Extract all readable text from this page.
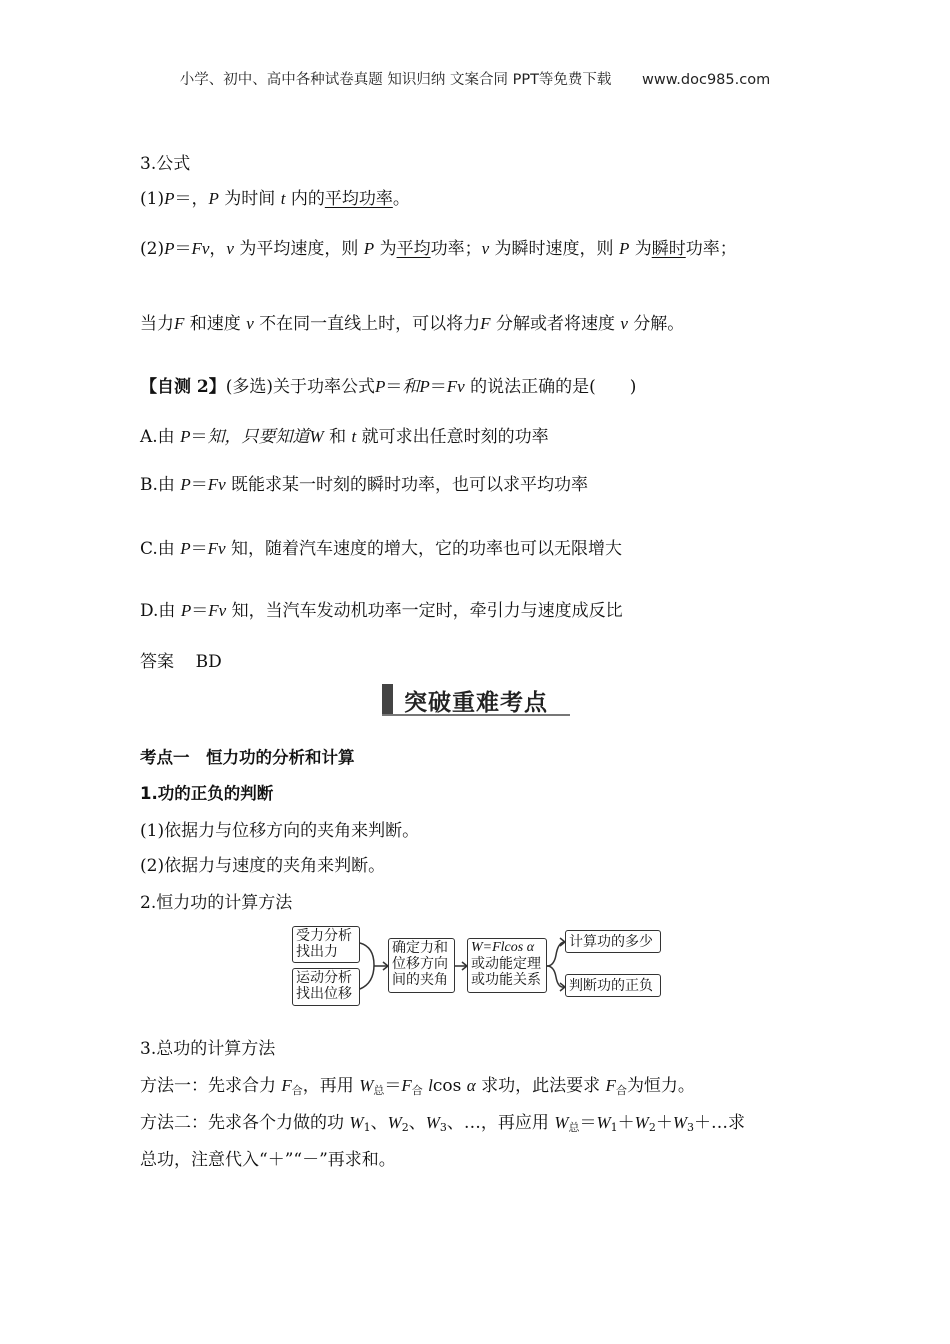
小学、初中、高中各种试卷真题 知识归纳 文案合同 PPT等免费下载 www.doc985.com
3.公式
(1)P＝，P 为时间 t 内的平均功率。
(2)P＝Fv，v 为平均速度，则 P 为平均功率；v 为瞬时速度，则 P 为瞬时功率；
当力F 和速度 v 不在同一直线上时，可以将力F 分解或者将速度 v 分解。
【自测 2】(多选)关于功率公式P＝和P＝Fv 的说法正确的是(　　)
A.由 P＝知，只要知道W 和 t 就可求出任意时刻的功率
B.由 P＝Fv 既能求某一时刻的瞬时功率，也可以求平均功率
C.由 P＝Fv 知，随着汽车速度的增大，它的功率也可以无限增大
D.由 P＝Fv 知，当汽车发动机功率一定时，牵引力与速度成反比
答案 BD
突破重难考点
考点一　恒力功的分析和计算
1.功的正负的判断
(1)依据力与位移方向的夹角来判断。
(2)依据力与速度的夹角来判断。
2.恒力功的计算方法
受力分析
找出力
运动分析
找出位移
确定力和
位移方向
间的夹角
W=Flcos α
或动能定理
或功能关系
计算功的多少
判断功的正负
3.总功的计算方法
方法一：先求合力 $F_合$，再用 $W_总=F_合$ lcos α 求功，此法要求 $F_合$为恒力。
方法二：先求各个力做的功 $W_1$、$W_2$、$W_3$、…，再应用 $W_总=W_1+W_2+W_3+\dots$求
总功，注意代入“＋”“－”再求和。
